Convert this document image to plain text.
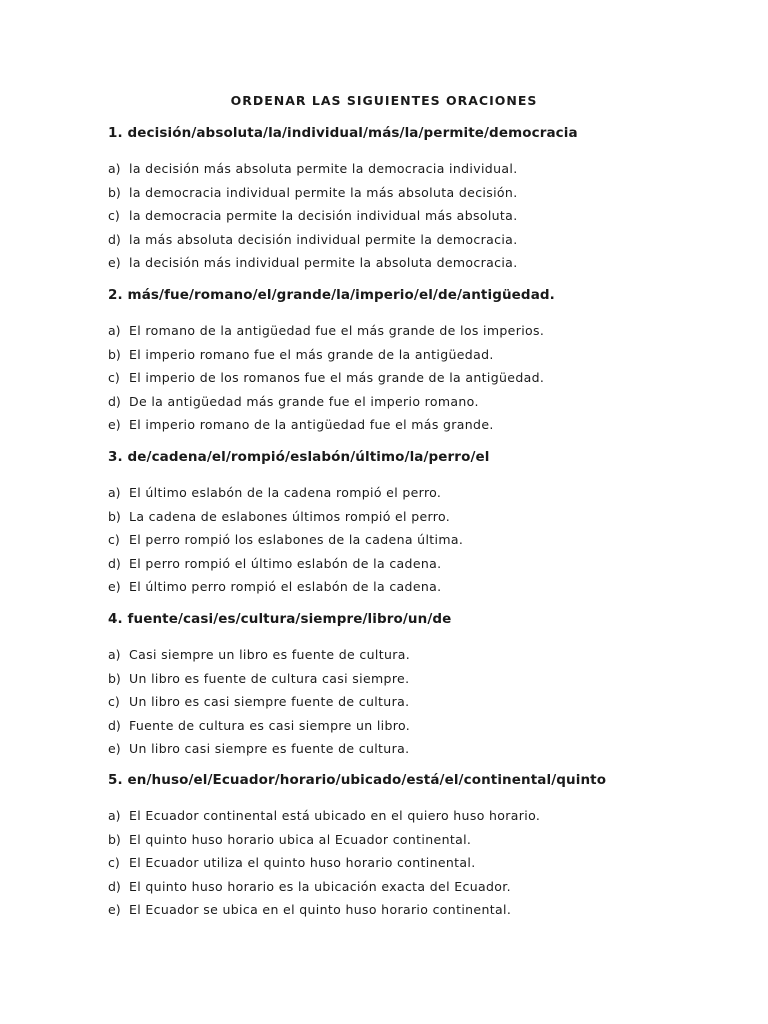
ORDENAR LAS SIGUIENTES ORACIONES
1. decisión/absoluta/la/individual/más/la/permite/democracia
a) la decisión más absoluta permite la democracia individual.
b) la democracia individual permite la más absoluta decisión.
c) la democracia permite la decisión individual más absoluta.
d) la más absoluta decisión individual permite la democracia.
e) la decisión más individual permite la absoluta democracia.
2. más/fue/romano/el/grande/la/imperio/el/de/antigüedad.
a) El romano de la antigüedad fue el más grande de los imperios.
b) El imperio romano fue el más grande de la antigüedad.
c) El imperio de los romanos fue el más grande de la antigüedad.
d) De la antigüedad más grande fue el imperio romano.
e) El imperio romano de la antigüedad fue el más grande.
3. de/cadena/el/rompió/eslabón/último/la/perro/el
a) El último eslabón de la cadena rompió el perro.
b) La cadena de eslabones últimos rompió el perro.
c) El perro rompió los eslabones de la cadena última.
d) El perro rompió el último eslabón de la cadena.
e) El último perro rompió el eslabón de la cadena.
4. fuente/casi/es/cultura/siempre/libro/un/de
a) Casi siempre un libro es fuente de cultura.
b) Un libro es fuente de cultura casi siempre.
c) Un libro es casi siempre fuente de cultura.
d) Fuente de cultura es casi siempre un libro.
e) Un libro casi siempre es fuente de cultura.
5. en/huso/el/Ecuador/horario/ubicado/está/el/continental/quinto
a) El Ecuador continental está ubicado en el quiero huso horario.
b) El quinto huso horario ubica al Ecuador continental.
c) El Ecuador utiliza el quinto huso horario continental.
d) El quinto huso horario es la ubicación exacta del Ecuador.
e) El Ecuador se ubica en el quinto huso horario continental.
